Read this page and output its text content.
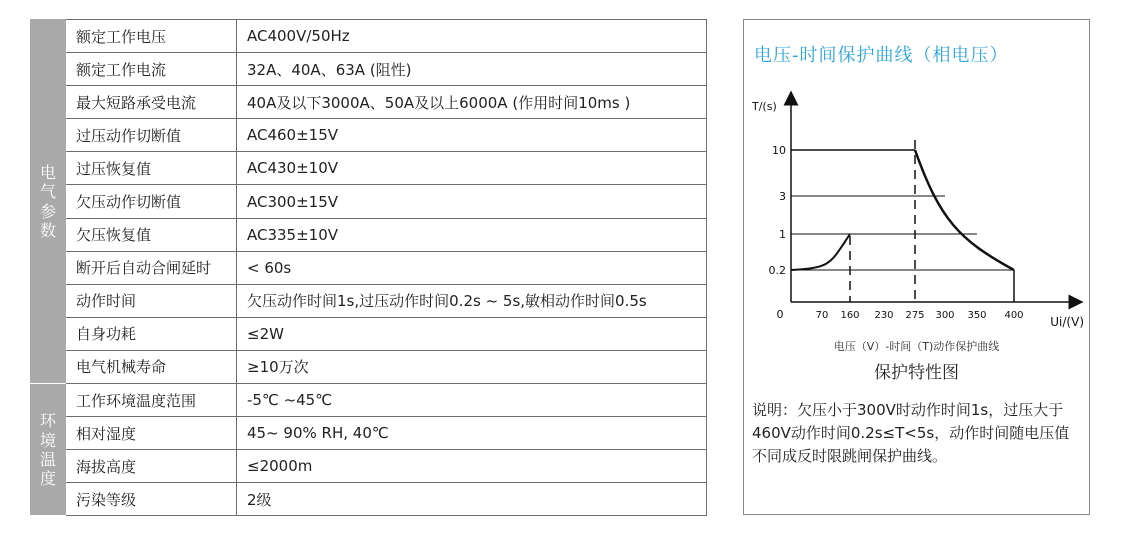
电气参数	额定工作电压	AC400V/50Hz
	额定工作电流	32A、40A、63A (阻性)
	最大短路承受电流	40A及以下3000A、50A及以上6000A (作用时间10ms )
	过压动作切断值	AC460±15V
	过压恢复值	AC430±10V
	欠压动作切断值	AC300±15V
	欠压恢复值	AC335±10V
	断开后自动合闸延时	< 60s
	动作时间	欠压动作时间1s,过压动作时间0.2s ~ 5s,敏相动作时间0.5s
	自身功耗	≤2W
	电气机械寿命	≥10万次
环境温度	工作环境温度范围	-5℃ ~45℃
	相对湿度	45~ 90% RH, 40℃
	海拔高度	≤2000m
	污染等级	2级
电压-时间保护曲线（相电压）
T/(s)
Ui/(V)
0
0.2
1
3
10
70 160 230 275 300 350 400
电压（V）-时间（T)动作保护曲线
保护特性图
说明：欠压小于300V时动作时间1s，过压大于460V动作时间0.2s≤T<5s，动作时间随电压值不同成反时限跳闸保护曲线。
